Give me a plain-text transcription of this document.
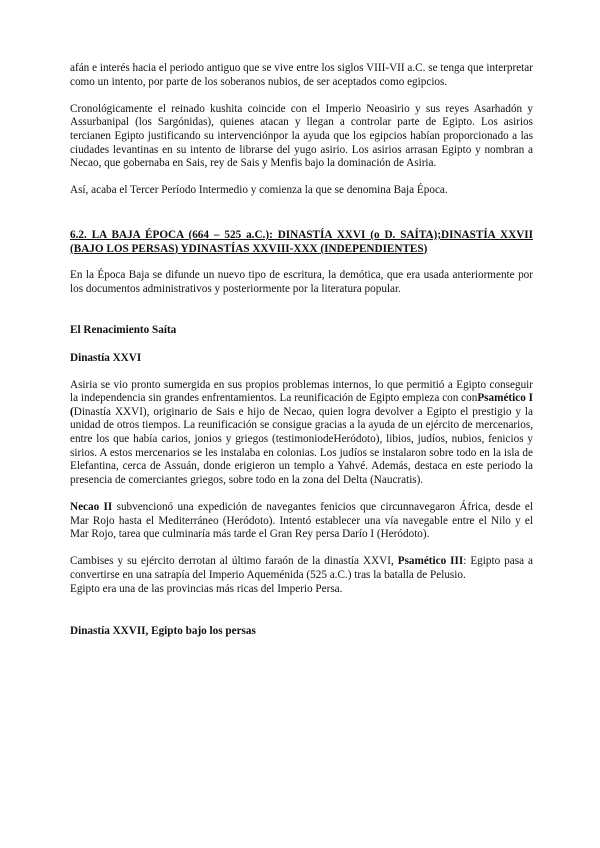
afán e interés hacia el periodo antiguo que se vive entre los siglos VIII-VII a.C. se tenga que interpretar como un intento, por parte de los soberanos nubios, de ser aceptados como egipcios.

Cronológicamente el reinado kushita coincide con el Imperio Neoasirio y sus reyes Asarhadón y Assurbanipal (los Sargónidas), quienes atacan y llegan a controlar parte de Egipto. Los asirios tercianen Egipto justificando su intervenciónpor la ayuda que los egipcios habían proporcionado a las ciudades levantinas en su intento de librarse del yugo asirio. Los asirios arrasan Egipto y nombran a Necao, que gobernaba en Sais, rey de Sais y Menfis bajo la dominación de Asiria.

Así, acaba el Tercer Período Intermedio y comienza la que se denomina Baja Época.

6.2. LA BAJA ÉPOCA (664 – 525 a.C.): DINASTÍA XXVI (o D. SAÍTA);DINASTÍA XXVII (BAJO LOS PERSAS) YDINASTÍAS XXVIII-XXX (INDEPENDIENTES)

En la Época Baja se difunde un nuevo tipo de escritura, la demótica, que era usada anteriormente por los documentos administrativos y posteriormente por la literatura popular.

El Renacimiento Saíta

Dinastía XXVI

Asiria se vio pronto sumergida en sus propios problemas internos, lo que permitió a Egipto conseguir la independencia sin grandes enfrentamientos. La reunificación de Egipto empieza con conPsamético I (Dinastía XXVI), originario de Sais e hijo de Necao, quien logra devolver a Egipto el prestigio y la unidad de otros tiempos. La reunificación se consigue gracias a la ayuda de un ejército de mercenarios, entre los que había carios, jonios y griegos (testimoniodeHeródoto), libios, judíos, nubios, fenicios y sirios. A estos mercenarios se les instalaba en colonias. Los judíos se instalaron sobre todo en la isla de Elefantina, cerca de Assuán, donde erigieron un templo a Yahvé. Además, destaca en este periodo la presencia de comerciantes griegos, sobre todo en la zona del Delta (Naucratis).

Necao II subvencionó una expedición de navegantes fenicios que circunnavegaron África, desde el Mar Rojo hasta el Mediterráneo (Heródoto). Intentó establecer una vía navegable entre el Nilo y el Mar Rojo, tarea que culminaría más tarde el Gran Rey persa Darío I (Heródoto).

Cambises y su ejército derrotan al último faraón de la dinastía XXVI, Psamético III: Egipto pasa a convertirse en una satrapía del Imperio Aqueménida (525 a.C.) tras la batalla de Pelusio.

Egipto era una de las provincias más ricas del Imperio Persa.

Dinastía XXVII, Egipto bajo los persas
